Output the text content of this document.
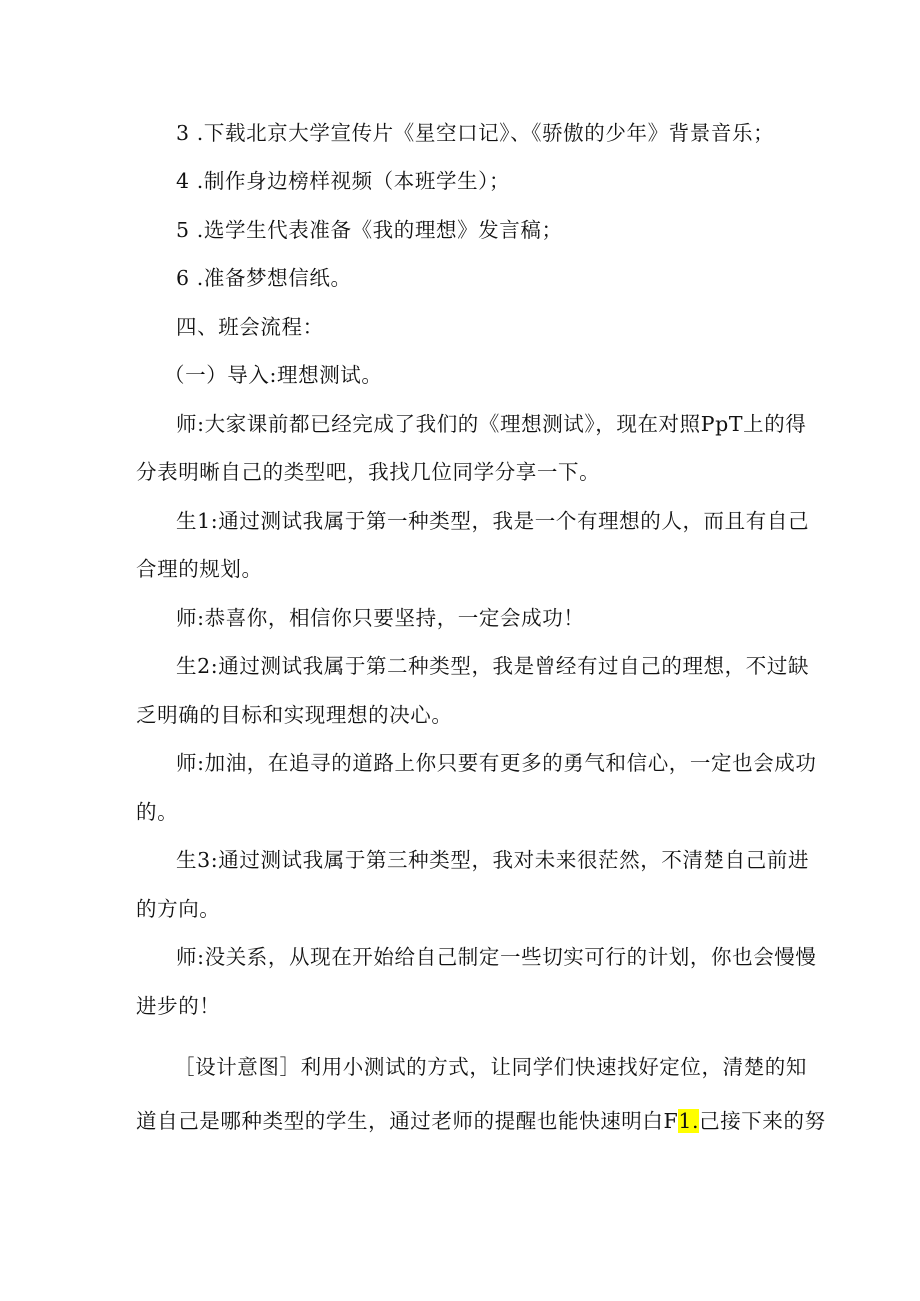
3 .下载北京大学宣传片《星空口记》、《骄傲的少年》背景音乐；
4 .制作身边榜样视频（本班学生）；
5 .选学生代表准备《我的理想》发言稿；
6 .准备梦想信纸。
四、班会流程：
（一）导入:理想测试。
师:大家课前都已经完成了我们的《理想测试》，现在对照PpT上的得
分表明晰自己的类型吧，我找几位同学分享一下。
生1:通过测试我属于第一种类型，我是一个有理想的人，而且有自己
合理的规划。
师:恭喜你，相信你只要坚持，一定会成功！
生2:通过测试我属于第二种类型，我是曾经有过自己的理想，不过缺
乏明确的目标和实现理想的决心。
师:加油，在追寻的道路上你只要有更多的勇气和信心，一定也会成功
的。
生3:通过测试我属于第三种类型，我对未来很茫然，不清楚自己前进
的方向。
师:没关系，从现在开始给自己制定一些切实可行的计划，你也会慢慢
进步的！
［设计意图］利用小测试的方式，让同学们快速找好定位，清楚的知
道自己是哪种类型的学生，通过老师的提醒也能快速明白F1.己接下来的努
